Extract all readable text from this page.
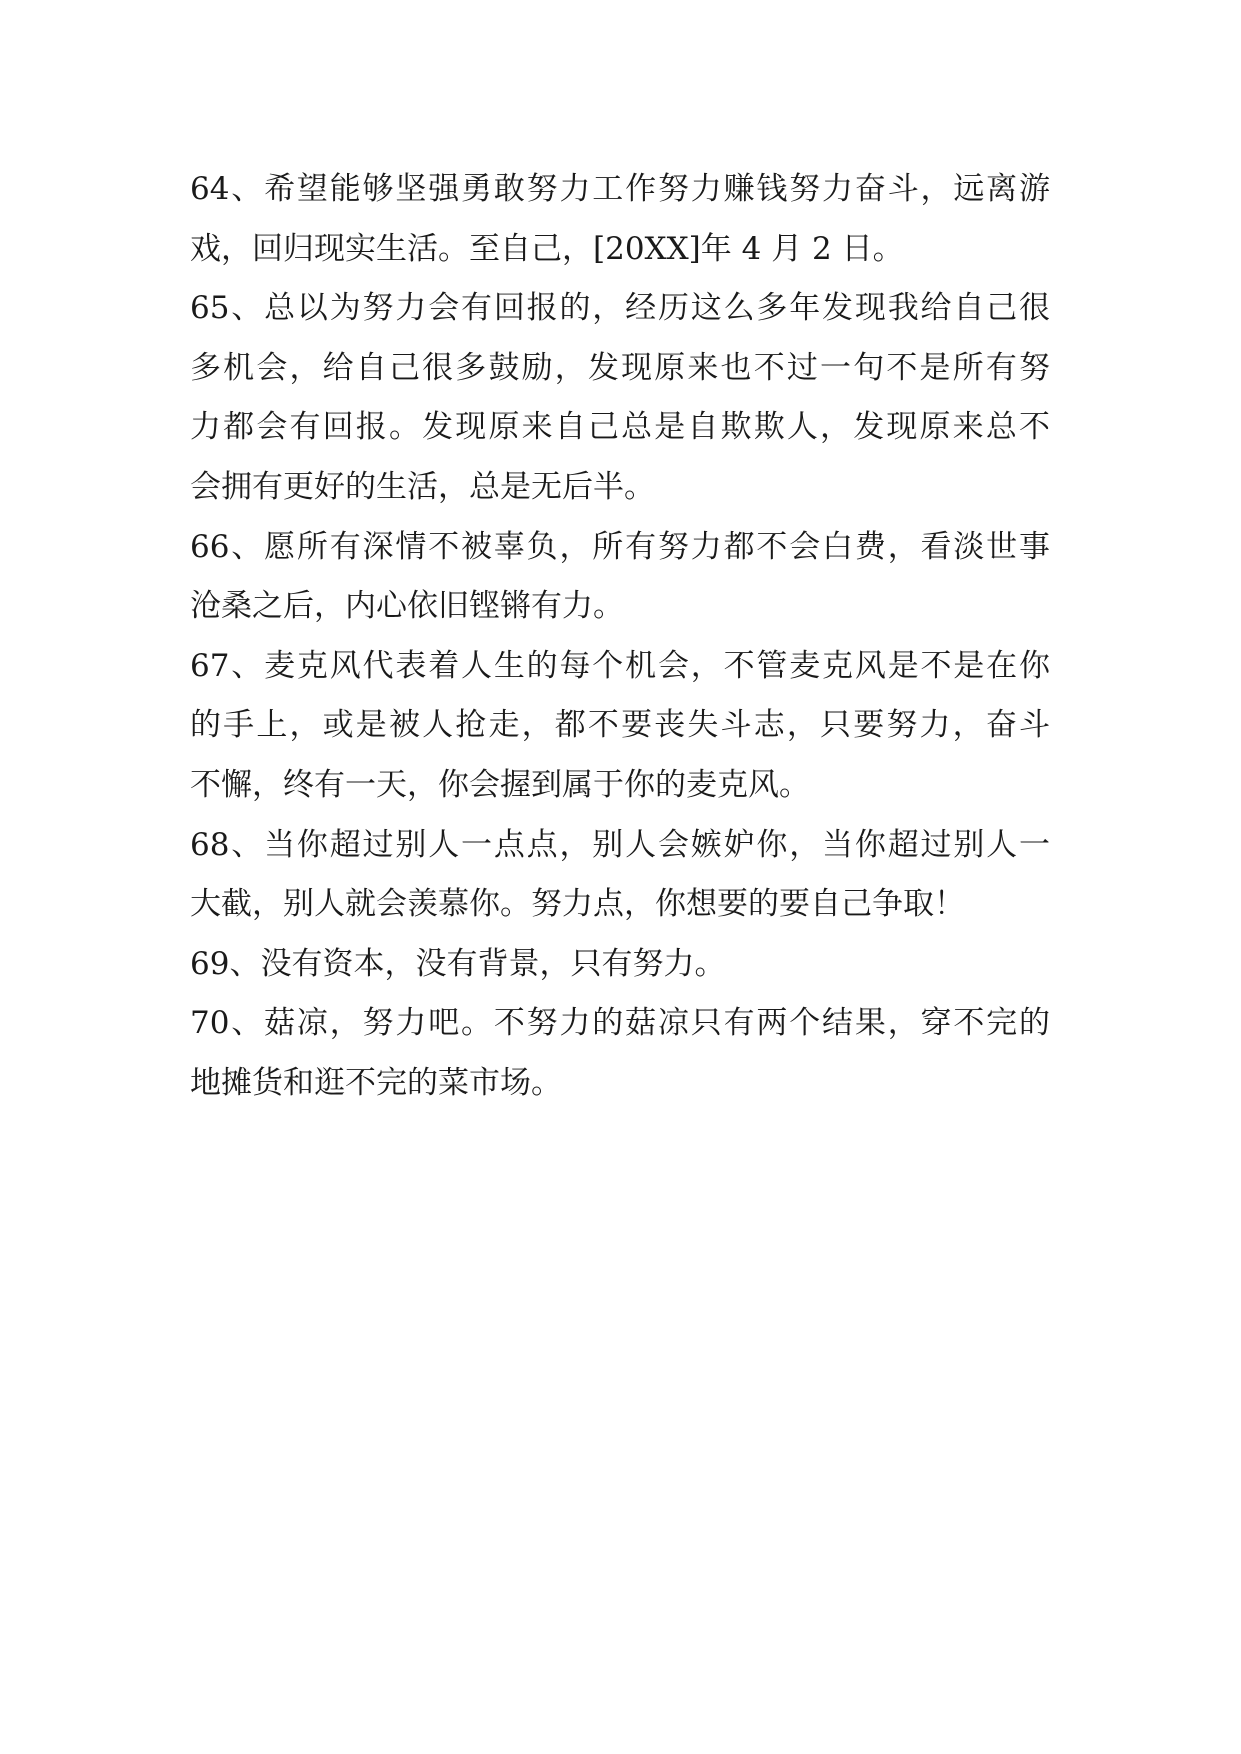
64、希望能够坚强勇敢努力工作努力赚钱努力奋斗，远离游
戏，回归现实生活。至自己，[20XX]年 4 月 2 日。
65、总以为努力会有回报的，经历这么多年发现我给自己很
多机会，给自己很多鼓励，发现原来也不过一句不是所有努
力都会有回报。发现原来自己总是自欺欺人，发现原来总不
会拥有更好的生活，总是无后半。
66、愿所有深情不被辜负，所有努力都不会白费，看淡世事
沧桑之后，内心依旧铿锵有力。
67、麦克风代表着人生的每个机会，不管麦克风是不是在你
的手上，或是被人抢走，都不要丧失斗志，只要努力，奋斗
不懈，终有一天，你会握到属于你的麦克风。
68、当你超过别人一点点，别人会嫉妒你，当你超过别人一
大截，别人就会羡慕你。努力点，你想要的要自己争取！
69、没有资本，没有背景，只有努力。
70、菇凉，努力吧。不努力的菇凉只有两个结果，穿不完的
地摊货和逛不完的菜市场。
